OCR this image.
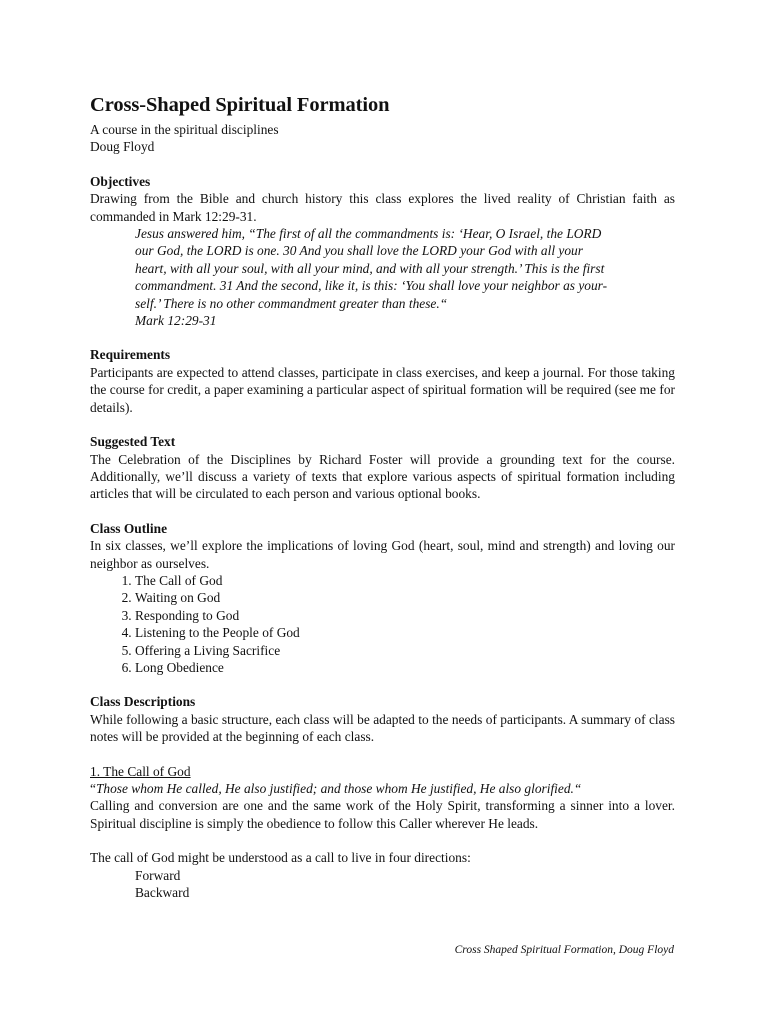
Cross-Shaped Spiritual Formation

A course in the spiritual disciplines

Doug Floyd

Objectives

Drawing from the Bible and church history this class explores the lived reality of Christian faith as commanded in Mark 12:29-31.

Jesus answered him, “The first of all the commandments is: ‘Hear, O Israel, the LORD
our God, the LORD is one. 30 And you shall love the LORD your God with all your
heart, with all your soul, with all your mind, and with all your strength.’ This is the first
commandment. 31 And the second, like it, is this: ‘You shall love your neighbor as your-
self.’ There is no other commandment greater than these.“
Mark 12:29-31

Requirements

Participants are expected to attend classes, participate in class exercises, and keep a journal. For those taking the course for credit, a paper examining a particular aspect of spiritual formation will be required (see me for details).

Suggested Text

The Celebration of the Disciplines by Richard Foster will provide a grounding text for the course. Additionally, we’ll discuss a variety of texts that explore various aspects of spiritual formation including articles that will be circulated to each person and various optional books.

Class Outline

In six classes, we’ll explore the implications of loving God (heart, soul, mind and strength) and loving our neighbor as ourselves.

1. The Call of God
2. Waiting on God
3. Responding to God
4. Listening to the People of God
5. Offering a Living Sacrifice
6. Long Obedience

Class Descriptions

While following a basic structure, each class will be adapted to the needs of participants. A summary of class notes will be provided at the beginning of each class.

1. The Call of God

“Those whom He called, He also justified; and those whom He justified, He also glorified.“

Calling and conversion are one and the same work of the Holy Spirit, transforming a sinner into a lover. Spiritual discipline is simply the obedience to follow this Caller wherever He leads.

The call of God might be understood as a call to live in four directions:

Forward

Backward

Cross Shaped Spiritual Formation, Doug Floyd
